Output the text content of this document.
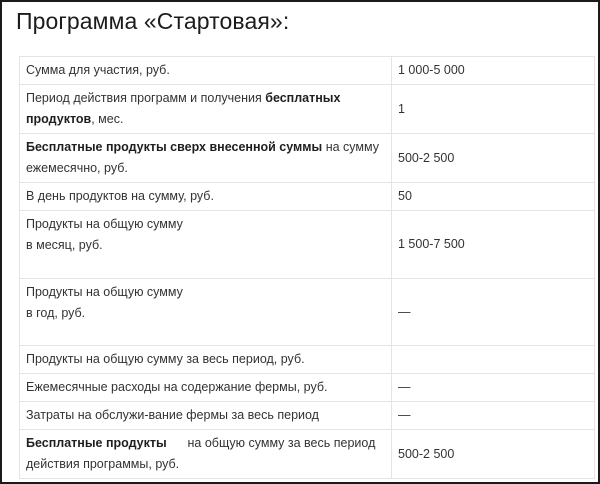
Программа «Стартовая»:
Сумма для участия, руб.	1 000-5 000
Период действия программ и получения бесплатных продуктов, мес.	1
Бесплатные продукты сверх внесенной суммы на сумму ежемесячно, руб.	500-2 500
В день продуктов на сумму, руб.	50

Продукты на общую сумму
в месяц, руб.	1 500-7 500

Продукты на общую сумму
в год, руб.	—
Продукты на общую сумму за весь период, руб.	
Ежемесячные расходы на содержание фермы, руб.	—
Затраты на обслужи-вание фермы за весь период	—
Бесплатные продукты      на общую сумму за весь период действия программы, руб.	500-2 500
